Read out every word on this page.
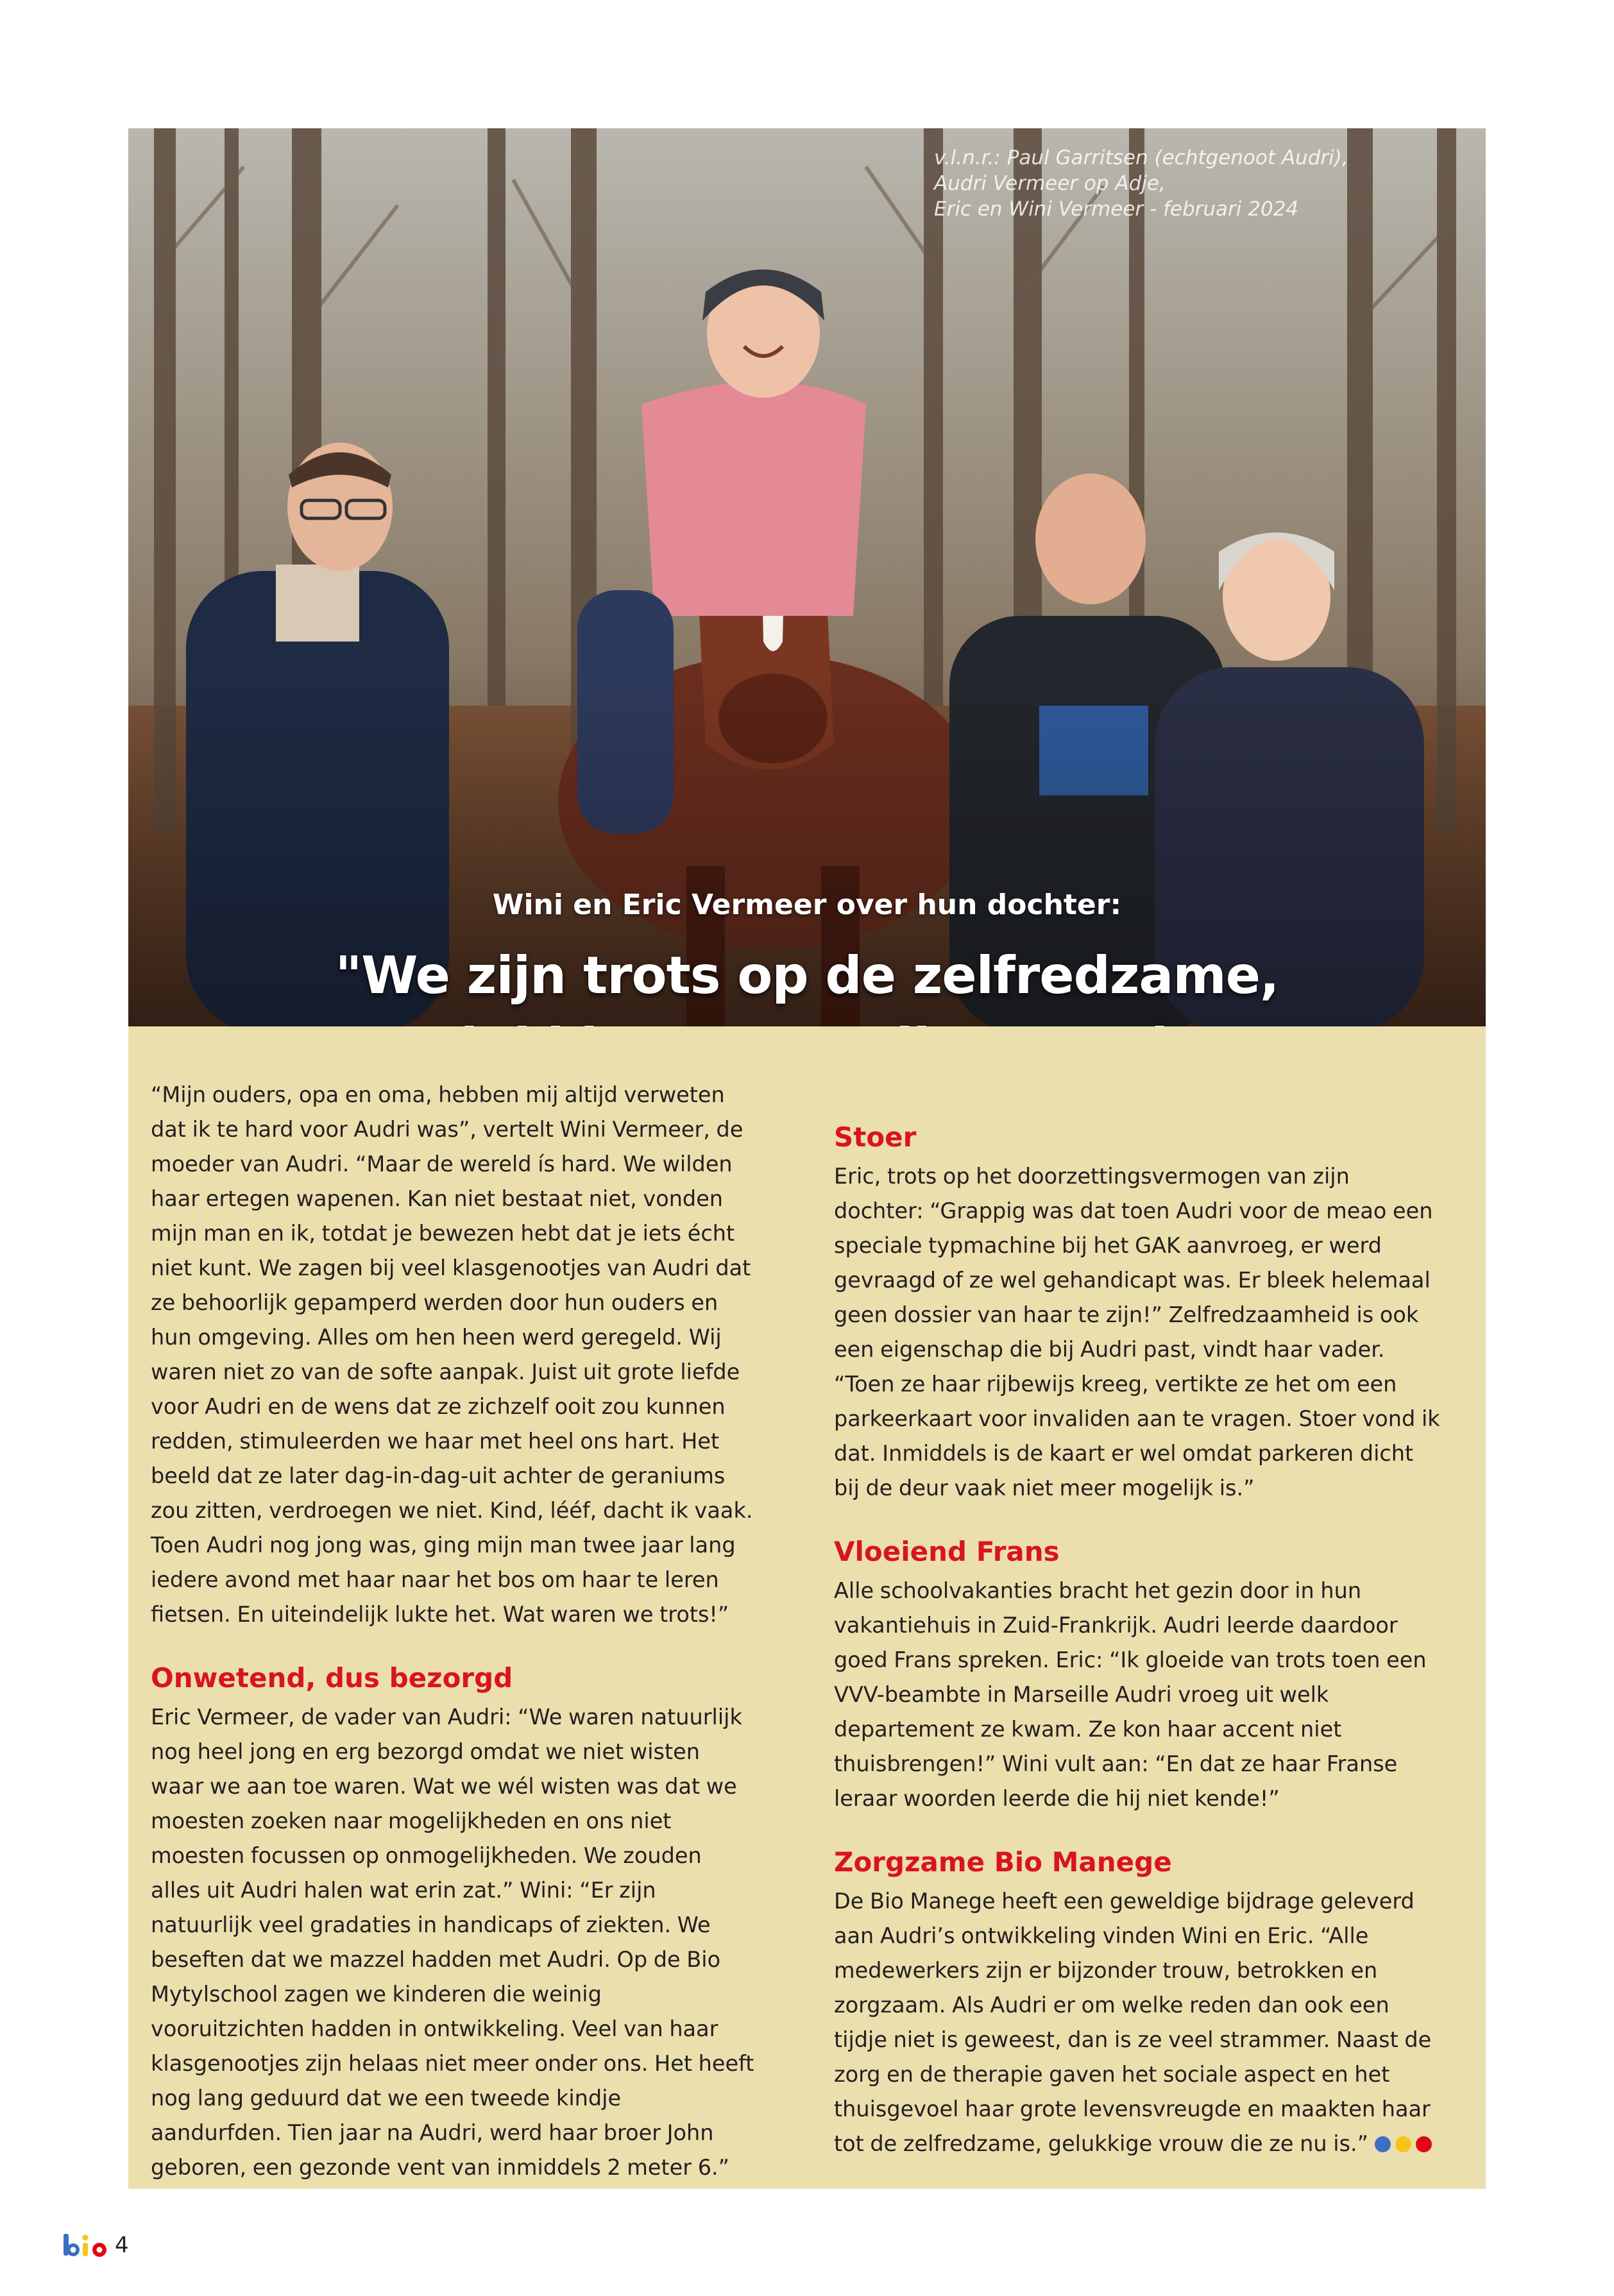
v.l.n.r.: Paul Garritsen (echtgenoot Audri),
Audri Vermeer op Adje,
Eric en Wini Vermeer - februari 2024
Wini en Eric Vermeer over hun dochter:
"We zijn trots op de zelfredzame,

“Mijn ouders, opa en oma, hebben mij altijd verweten dat ik te hard voor Audri was”, vertelt Wini Vermeer, de moeder van Audri. “Maar de wereld ís hard. We wilden haar ertegen wapenen. Kan niet bestaat niet, vonden mijn man en ik, totdat je bewezen hebt dat je iets écht niet kunt. We zagen bij veel klasgenootjes van Audri dat ze behoorlijk gepamperd werden door hun ouders en hun omgeving. Alles om hen heen werd geregeld. Wij waren niet zo van de softe aanpak. Juist uit grote liefde voor Audri en de wens dat ze zichzelf ooit zou kunnen redden, stimuleerden we haar met heel ons hart. Het beeld dat ze later dag-in-dag-uit achter de geraniums zou zitten, verdroegen we niet. Kind, lééf, dacht ik vaak. Toen Audri nog jong was, ging mijn man twee jaar lang iedere avond met haar naar het bos om haar te leren fietsen. En uiteindelijk lukte het. Wat waren we trots!”

Onwetend, dus bezorgd

Eric Vermeer, de vader van Audri: “We waren natuurlijk nog heel jong en erg bezorgd omdat we niet wisten waar we aan toe waren. Wat we wél wisten was dat we moesten zoeken naar mogelijkheden en ons niet moesten focussen op onmogelijkheden. We zouden alles uit Audri halen wat erin zat.” Wini: “Er zijn natuurlijk veel gradaties in handicaps of ziekten. We beseften dat we mazzel hadden met Audri. Op de Bio Mytylschool zagen we kinderen die weinig vooruitzichten hadden in ontwikkeling. Veel van haar klasgenootjes zijn helaas niet meer onder ons. Het heeft nog lang geduurd dat we een tweede kindje aandurfden. Tien jaar na Audri, werd haar broer John geboren, een gezonde vent van inmiddels 2 meter 6.”

Stoer

Eric, trots op het doorzettingsvermogen van zijn dochter: “Grappig was dat toen Audri voor de meao een speciale typmachine bij het GAK aanvroeg, er werd gevraagd of ze wel gehandicapt was. Er bleek helemaal geen dossier van haar te zijn!” Zelfredzaamheid is ook een eigenschap die bij Audri past, vindt haar vader. “Toen ze haar rijbewijs kreeg, vertikte ze het om een parkeerkaart voor invaliden aan te vragen. Stoer vond ik dat. Inmiddels is de kaart er wel omdat parkeren dicht bij de deur vaak niet meer mogelijk is.”

Vloeiend Frans

Alle schoolvakanties bracht het gezin door in hun vakantiehuis in Zuid-Frankrijk. Audri leerde daardoor goed Frans spreken. Eric: “Ik gloeide van trots toen een VVV-beambte in Marseille Audri vroeg uit welk departement ze kwam. Ze kon haar accent niet thuisbrengen!” Wini vult aan: “En dat ze haar Franse leraar woorden leerde die hij niet kende!”

Zorgzame Bio Manege

De Bio Manege heeft een geweldige bijdrage geleverd aan Audri’s ontwikkeling vinden Wini en Eric. “Alle medewerkers zijn er bijzonder trouw, betrokken en zorgzaam. Als Audri er om welke reden dan ook een tijdje niet is geweest, dan is ze veel strammer. Naast de zorg en de therapie gaven het sociale aspect en het thuisgevoel haar grote levensvreugde en maakten haar tot de zelfredzame, gelukkige vrouw die ze nu is.”

4
